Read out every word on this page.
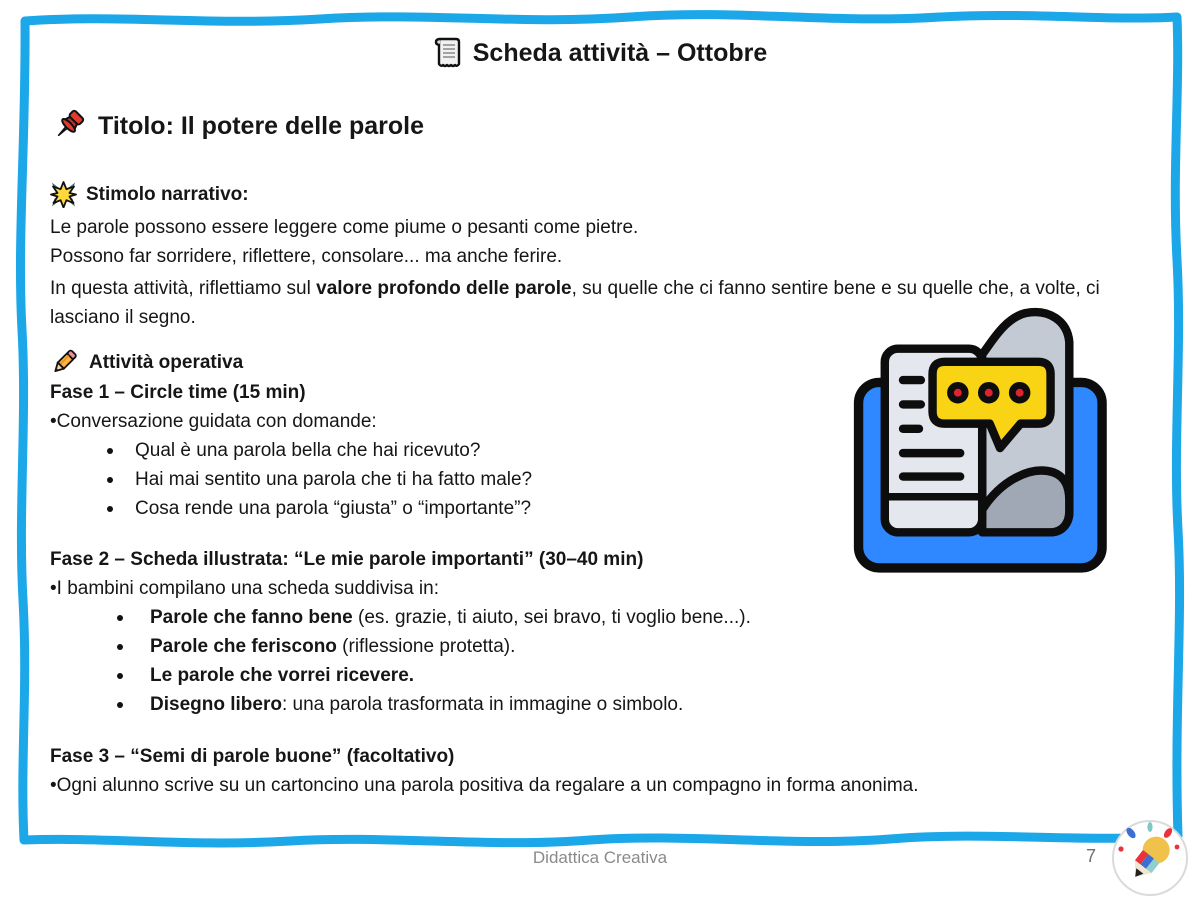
Scheda attività – Ottobre
Titolo: Il potere delle parole
Stimolo narrativo:
Le parole possono essere leggere come piume o pesanti come pietre.
Possono far sorridere, riflettere, consolare... ma anche ferire.
In questa attività, riflettiamo sul valore profondo delle parole, su quelle che ci fanno sentire bene e su quelle che, a volte, ci lasciano il segno.
Attività operativa
Fase 1 – Circle time (15 min)
•Conversazione guidata con domande:
Qual è una parola bella che hai ricevuto?
Hai mai sentito una parola che ti ha fatto male?
Cosa rende una parola “giusta” o “importante”?
Fase 2 – Scheda illustrata: “Le mie parole importanti” (30–40 min)
•I bambini compilano una scheda suddivisa in:
Parole che fanno bene (es. grazie, ti aiuto, sei bravo, ti voglio bene...).
Parole che feriscono (riflessione protetta).
Le parole che vorrei ricevere.
Disegno libero: una parola trasformata in immagine o simbolo.
Fase 3 – “Semi di parole buone” (facoltativo)
•Ogni alunno scrive su un cartoncino una parola positiva da regalare a un compagno in forma anonima.
Didattica Creativa	7
